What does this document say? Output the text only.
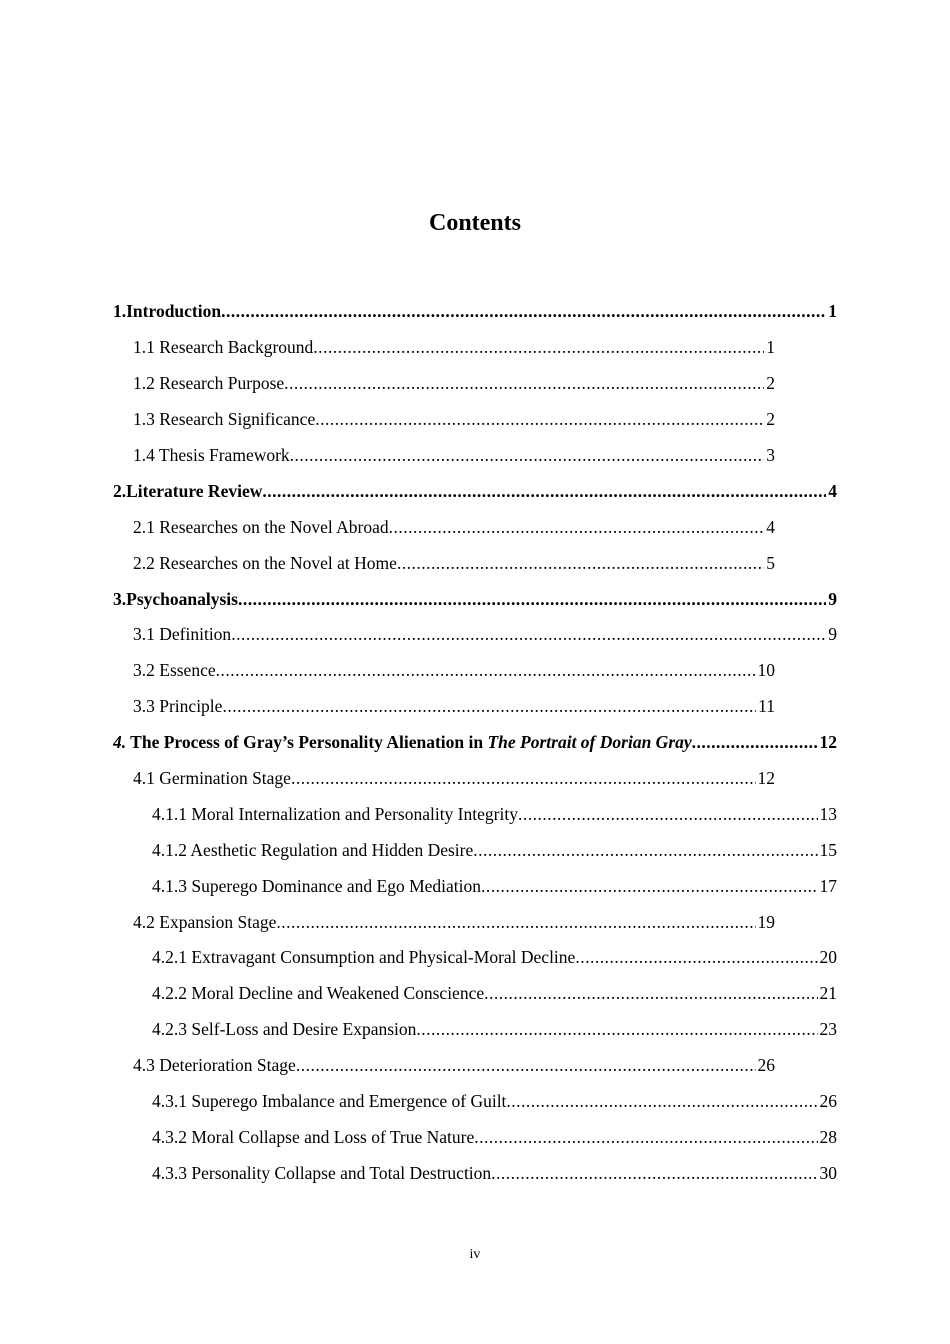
Contents
1.Introduction .....	1
1.1 Research Background .....	1
1.2 Research Purpose .....	2
1.3 Research Significance .....	2
1.4 Thesis Framework .....	3
2.Literature Review .....	4
2.1 Researches on the Novel Abroad .....	4
2.2 Researches on the Novel at Home .....	5
3.Psychoanalysis .....	9
3.1 Definition .....	9
3.2 Essence .....	10
3.3 Principle .....	11
4. The Process of Gray’s Personality Alienation in The Portrait of Dorian Gray .....	12
4.1 Germination Stage .....	12
4.1.1 Moral Internalization and Personality Integrity .....	13
4.1.2 Aesthetic Regulation and Hidden Desire .....	15
4.1.3 Superego Dominance and Ego Mediation .....	17
4.2 Expansion Stage .....	19
4.2.1 Extravagant Consumption and Physical-Moral Decline .....	20
4.2.2 Moral Decline and Weakened Conscience .....	21
4.2.3 Self-Loss and Desire Expansion .....	23
4.3 Deterioration Stage .....	26
4.3.1 Superego Imbalance and Emergence of Guilt .....	26
4.3.2 Moral Collapse and Loss of True Nature .....	28
4.3.3 Personality Collapse and Total Destruction .....	30
iv
